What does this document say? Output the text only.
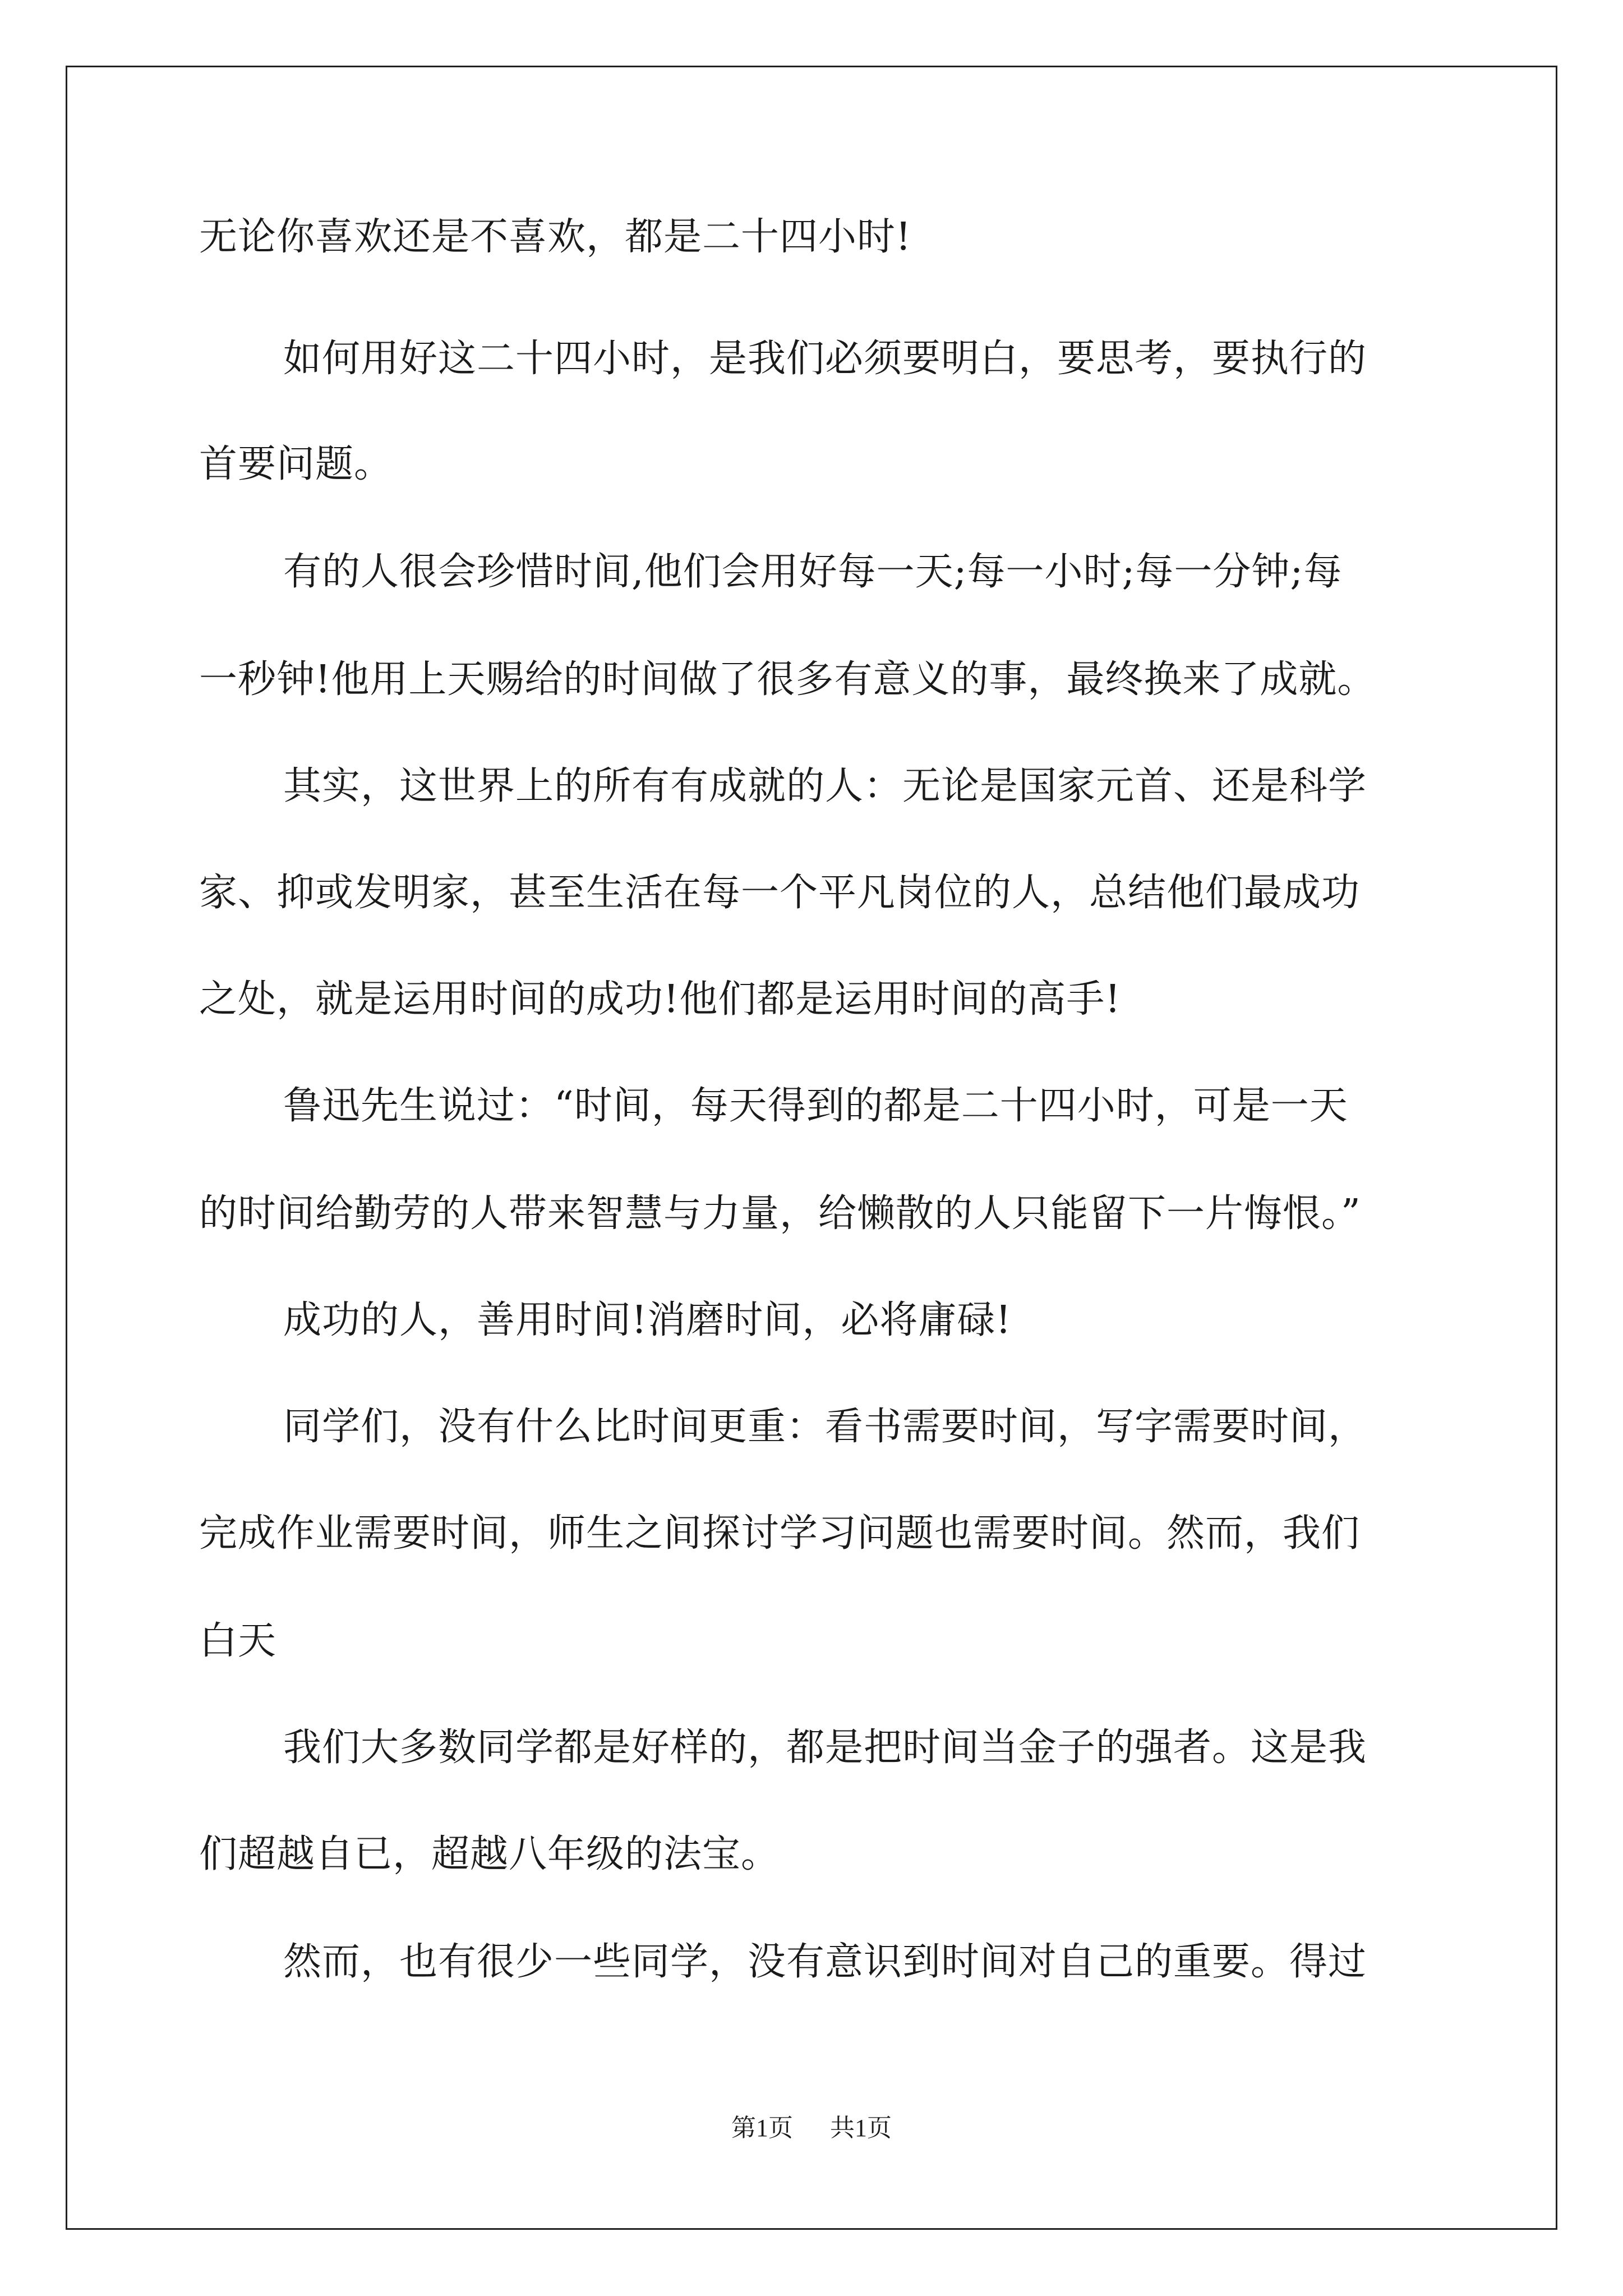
无论你喜欢还是不喜欢，都是二十四小时!
如何用好这二十四小时，是我们必须要明白，要思考，要执行的
首要问题。
有的人很会珍惜时间,他们会用好每一天;每一小时;每一分钟;每
一秒钟!他用上天赐给的时间做了很多有意义的事，最终换来了成就。
其实，这世界上的所有有成就的人：无论是国家元首、还是科学
家、抑或发明家，甚至生活在每一个平凡岗位的人，总结他们最成功
之处，就是运用时间的成功!他们都是运用时间的高手!
鲁迅先生说过：“时间，每天得到的都是二十四小时，可是一天
的时间给勤劳的人带来智慧与力量，给懒散的人只能留下一片悔恨。”
成功的人，善用时间!消磨时间，必将庸碌!
同学们，没有什么比时间更重：看书需要时间，写字需要时间，
完成作业需要时间，师生之间探讨学习问题也需要时间。然而，我们
白天
我们大多数同学都是好样的，都是把时间当金子的强者。这是我
们超越自已，超越八年级的法宝。
然而，也有很少一些同学，没有意识到时间对自己的重要。得过
第1页 共1页
